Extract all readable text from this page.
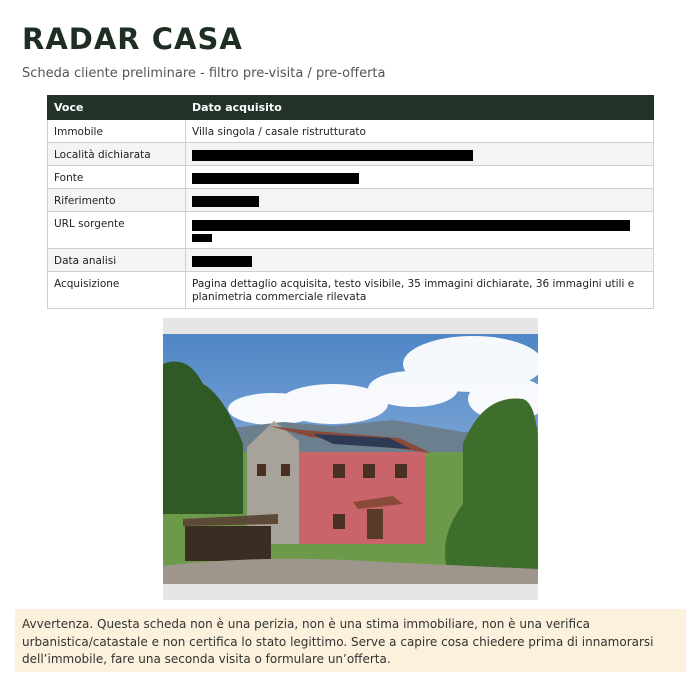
RADAR CASA

Scheda cliente preliminare - filtro pre-visita / pre-offerta

Voce	Dato acquisito
Immobile	Villa singola / casale ristrutturato
Località dichiarata	
Fonte	
Riferimento	
URL sorgente	

Data analisi	
Acquisizione	Pagina dettaglio acquisita, testo visibile, 35 immagini dichiarate, 36 immagini utili e planimetria commerciale rilevata

Avvertenza. Questa scheda non è una perizia, non è una stima immobiliare, non è una verifica urbanistica/catastale e non certifica lo stato legittimo. Serve a capire cosa chiedere prima di innamorarsi dell’immobile, fare una seconda visita o formulare un’offerta.
